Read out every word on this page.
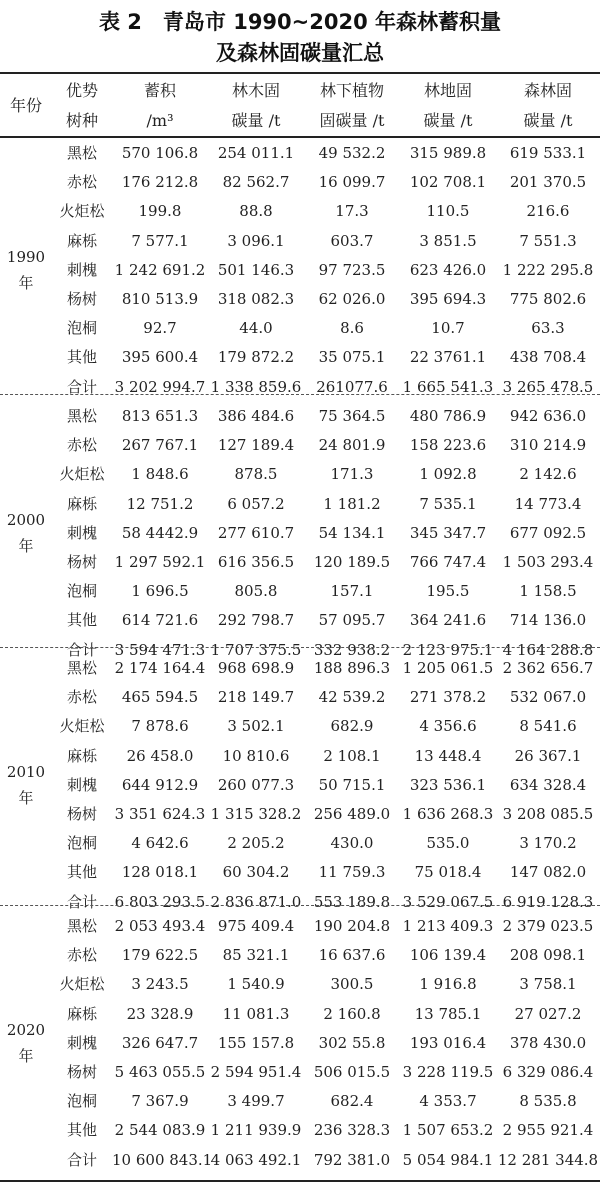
表 2　青岛市 1990~2020 年森林蓄积量
及森林固碳量汇总
年份	优势	蓄积	林木固	林下植物	林地固	森林固
	树种	/m³	碳量 /t	固碳量 /t	碳量 /t	碳量 /t
1990
年	黑松	570 106.8	254 011.1	49 532.2	315 989.8	619 533.1
	赤松	176 212.8	82 562.7	16 099.7	102 708.1	201 370.5
	火炬松	199.8	88.8	17.3	110.5	216.6
	麻栎	7 577.1	3 096.1	603.7	3 851.5	7 551.3
	刺槐	1 242 691.2	501 146.3	97 723.5	623 426.0	1 222 295.8
	杨树	810 513.9	318 082.3	62 026.0	395 694.3	775 802.6
	泡桐	92.7	44.0	8.6	10.7	63.3
	其他	395 600.4	179 872.2	35 075.1	22 3761.1	438 708.4
	合计	3 202 994.7	1 338 859.6	261077.6	1 665 541.3	3 265 478.5
2000
年	黑松	813 651.3	386 484.6	75 364.5	480 786.9	942 636.0
	赤松	267 767.1	127 189.4	24 801.9	158 223.6	310 214.9
	火炬松	1 848.6	878.5	171.3	1 092.8	2 142.6
	麻栎	12 751.2	6 057.2	1 181.2	7 535.1	14 773.4
	刺槐	58 4442.9	277 610.7	54 134.1	345 347.7	677 092.5
	杨树	1 297 592.1	616 356.5	120 189.5	766 747.4	1 503 293.4
	泡桐	1 696.5	805.8	157.1	195.5	1 158.5
	其他	614 721.6	292 798.7	57 095.7	364 241.6	714 136.0
	合计	3 594 471.3	1 707 375.5	332 938.2	2 123 975.1	4 164 288.8
2010
年	黑松	2 174 164.4	968 698.9	188 896.3	1 205 061.5	2 362 656.7
	赤松	465 594.5	218 149.7	42 539.2	271 378.2	532 067.0
	火炬松	7 878.6	3 502.1	682.9	4 356.6	8 541.6
	麻栎	26 458.0	10 810.6	2 108.1	13 448.4	26 367.1
	刺槐	644 912.9	260 077.3	50 715.1	323 536.1	634 328.4
	杨树	3 351 624.3	1 315 328.2	256 489.0	1 636 268.3	3 208 085.5
	泡桐	4 642.6	2 205.2	430.0	535.0	3 170.2
	其他	128 018.1	60 304.2	11 759.3	75 018.4	147 082.0
	合计	6 803 293.5	2 836 871.0	553 189.8	3 529 067.5	6 919 128.3
2020
年	黑松	2 053 493.4	975 409.4	190 204.8	1 213 409.3	2 379 023.5
	赤松	179 622.5	85 321.1	16 637.6	106 139.4	208 098.1
	火炬松	3 243.5	1 540.9	300.5	1 916.8	3 758.1
	麻栎	23 328.9	11 081.3	2 160.8	13 785.1	27 027.2
	刺槐	326 647.7	155 157.8	302 55.8	193 016.4	378 430.0
	杨树	5 463 055.5	2 594 951.4	506 015.5	3 228 119.5	6 329 086.4
	泡桐	7 367.9	3 499.7	682.4	4 353.7	8 535.8
	其他	2 544 083.9	1 211 939.9	236 328.3	1 507 653.2	2 955 921.4
	合计	10 600 843.1	4 063 492.1	792 381.0	5 054 984.1	12 281 344.8
